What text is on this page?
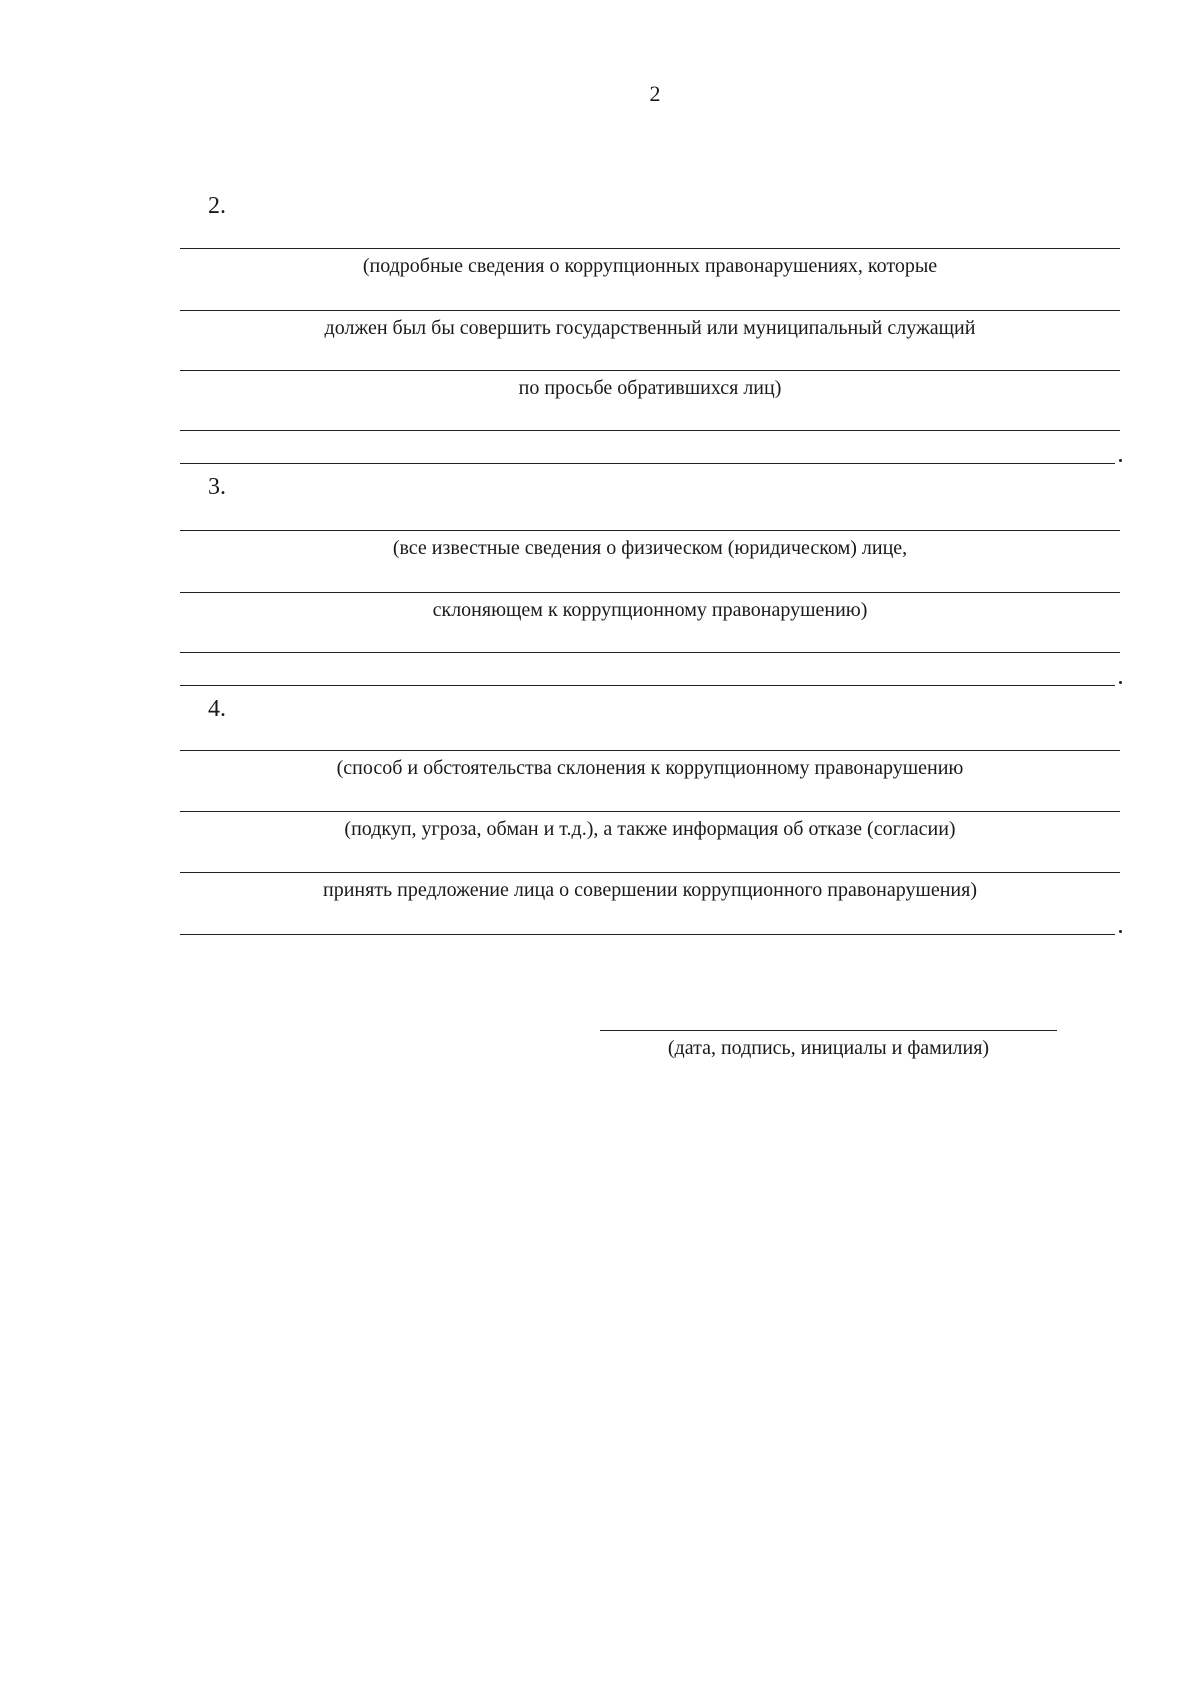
2
2.
(подробные сведения о коррупционных правонарушениях, которые
должен был бы совершить государственный или муниципальный служащий
по просьбе обратившихся лиц)
3.
(все известные сведения о физическом (юридическом) лице,
склоняющем к коррупционному правонарушению)
4.
(способ и обстоятельства склонения к коррупционному правонарушению
(подкуп, угроза, обман и т.д.), а также информация об отказе (согласии)
принять предложение лица о совершении коррупционного правонарушения)
(дата, подпись, инициалы и фамилия)
